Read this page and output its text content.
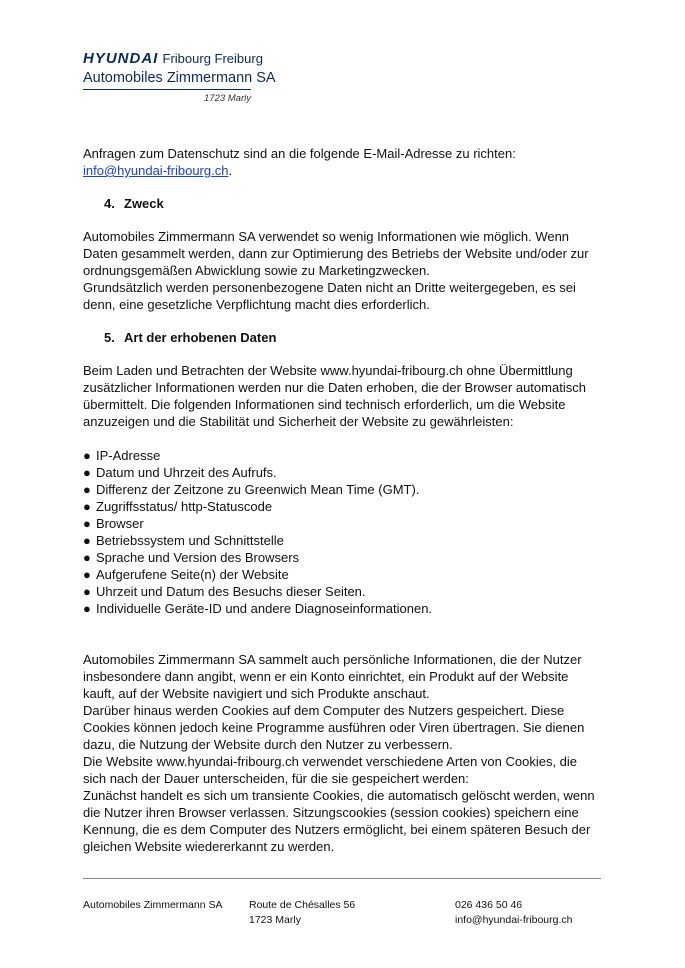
HYUNDAI Fribourg Freiburg
Automobiles Zimmermann SA
1723 Marly

Anfragen zum Datenschutz sind an die folgende E-Mail-Adresse zu richten: info@hyundai-fribourg.ch.

4. Zweck

Automobiles Zimmermann SA verwendet so wenig Informationen wie möglich. Wenn Daten gesammelt werden, dann zur Optimierung des Betriebs der Website und/oder zur ordnungsgemäßen Abwicklung sowie zu Marketingzwecken.

Grundsätzlich werden personenbezogene Daten nicht an Dritte weitergegeben, es sei denn, eine gesetzliche Verpflichtung macht dies erforderlich.

5. Art der erhobenen Daten

Beim Laden und Betrachten der Website www.hyundai-fribourg.ch ohne Übermittlung zusätzlicher Informationen werden nur die Daten erhoben, die der Browser automatisch übermittelt. Die folgenden Informationen sind technisch erforderlich, um die Website anzuzeigen und die Stabilität und Sicherheit der Website zu gewährleisten:

● IP-Adresse
● Datum und Uhrzeit des Aufrufs.
● Differenz der Zeitzone zu Greenwich Mean Time (GMT).
● Zugriffsstatus/ http-Statuscode
● Browser
● Betriebssystem und Schnittstelle
● Sprache und Version des Browsers
● Aufgerufene Seite(n) der Website
● Uhrzeit und Datum des Besuchs dieser Seiten.
● Individuelle Geräte-ID und andere Diagnoseinformationen.

Automobiles Zimmermann SA sammelt auch persönliche Informationen, die der Nutzer insbesondere dann angibt, wenn er ein Konto einrichtet, ein Produkt auf der Website kauft, auf der Website navigiert und sich Produkte anschaut.

Darüber hinaus werden Cookies auf dem Computer des Nutzers gespeichert. Diese Cookies können jedoch keine Programme ausführen oder Viren übertragen. Sie dienen dazu, die Nutzung der Website durch den Nutzer zu verbessern.

Die Website www.hyundai-fribourg.ch verwendet verschiedene Arten von Cookies, die sich nach der Dauer unterscheiden, für die sie gespeichert werden:

Zunächst handelt es sich um transiente Cookies, die automatisch gelöscht werden, wenn die Nutzer ihren Browser verlassen. Sitzungscookies (session cookies) speichern eine Kennung, die es dem Computer des Nutzers ermöglicht, bei einem späteren Besuch der gleichen Website wiedererkannt zu werden.

Automobiles Zimmermann SA	Route de Chésalles 56
1723 Marly
026 436 50 46
info@hyundai-fribourg.ch
